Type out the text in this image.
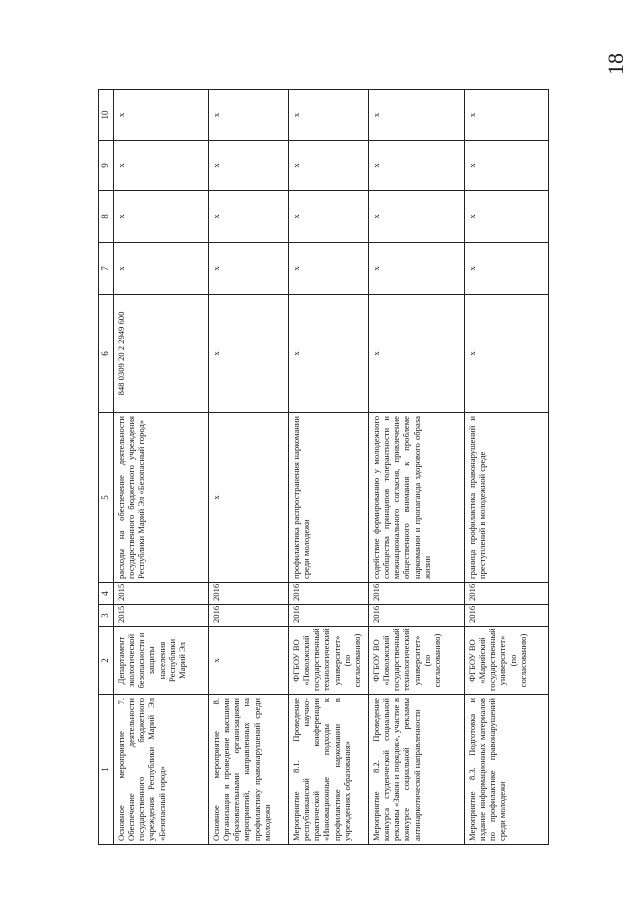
18
1	2	3	4	5	6	7	8	9	10
Основное мероприятие 7. Обеспечение деятельности государственного бюджетного учреждения Республики Марий Эл «Безопасный город»	Департамент экологической безопасности и защиты населения Республики Марий Эл	2015	2015	расходы на обеспечение деятельности государственного бюджетного учреждения Республики Марий Эл «Безопасный город»	848 0309 20 2 2949 600	x	x	x	x
Основное мероприятие 8. Организация и проведение высшими образовательными организациями мероприятий, направленных на профилактику правонарушений среди молодежи	x	2016	2016	x	x	x	x	x	x
Мероприятие 8.1. Проведение республиканской научно-практической конференции «Инновационные подходы к профилактике наркомании в учреждениях образования»	ФГБОУ ВО «Поволжский государственный технологический университет» (по согласованию)	2016	2016	профилактика распространения наркомании среди молодежи	x	x	x	x	x
Мероприятие 8.2. Проведение конкурса студенческой социальной рекламы «Закон и порядок», участие в конкурсе социальной рекламы антинаркотической направленности	ФГБОУ ВО «Поволжский государственный технологический университет» (по согласованию)	2016	2016	содействие формированию у молодежного сообщества принципов толерантности и межнационального согласия, привлечение общественного внимания к проблеме наркомании и пропаганда здорового образа жизни	x	x	x	x	x
Мероприятие 8.3. Подготовка и издание информационных материалов по профилактике правонарушений среди молодежи	ФГБОУ ВО «Марийский государственный университет» (по согласованию)	2016	2016	граница профилактика правонарушений и преступлений в молодежной среде	x	x	x	x	x
